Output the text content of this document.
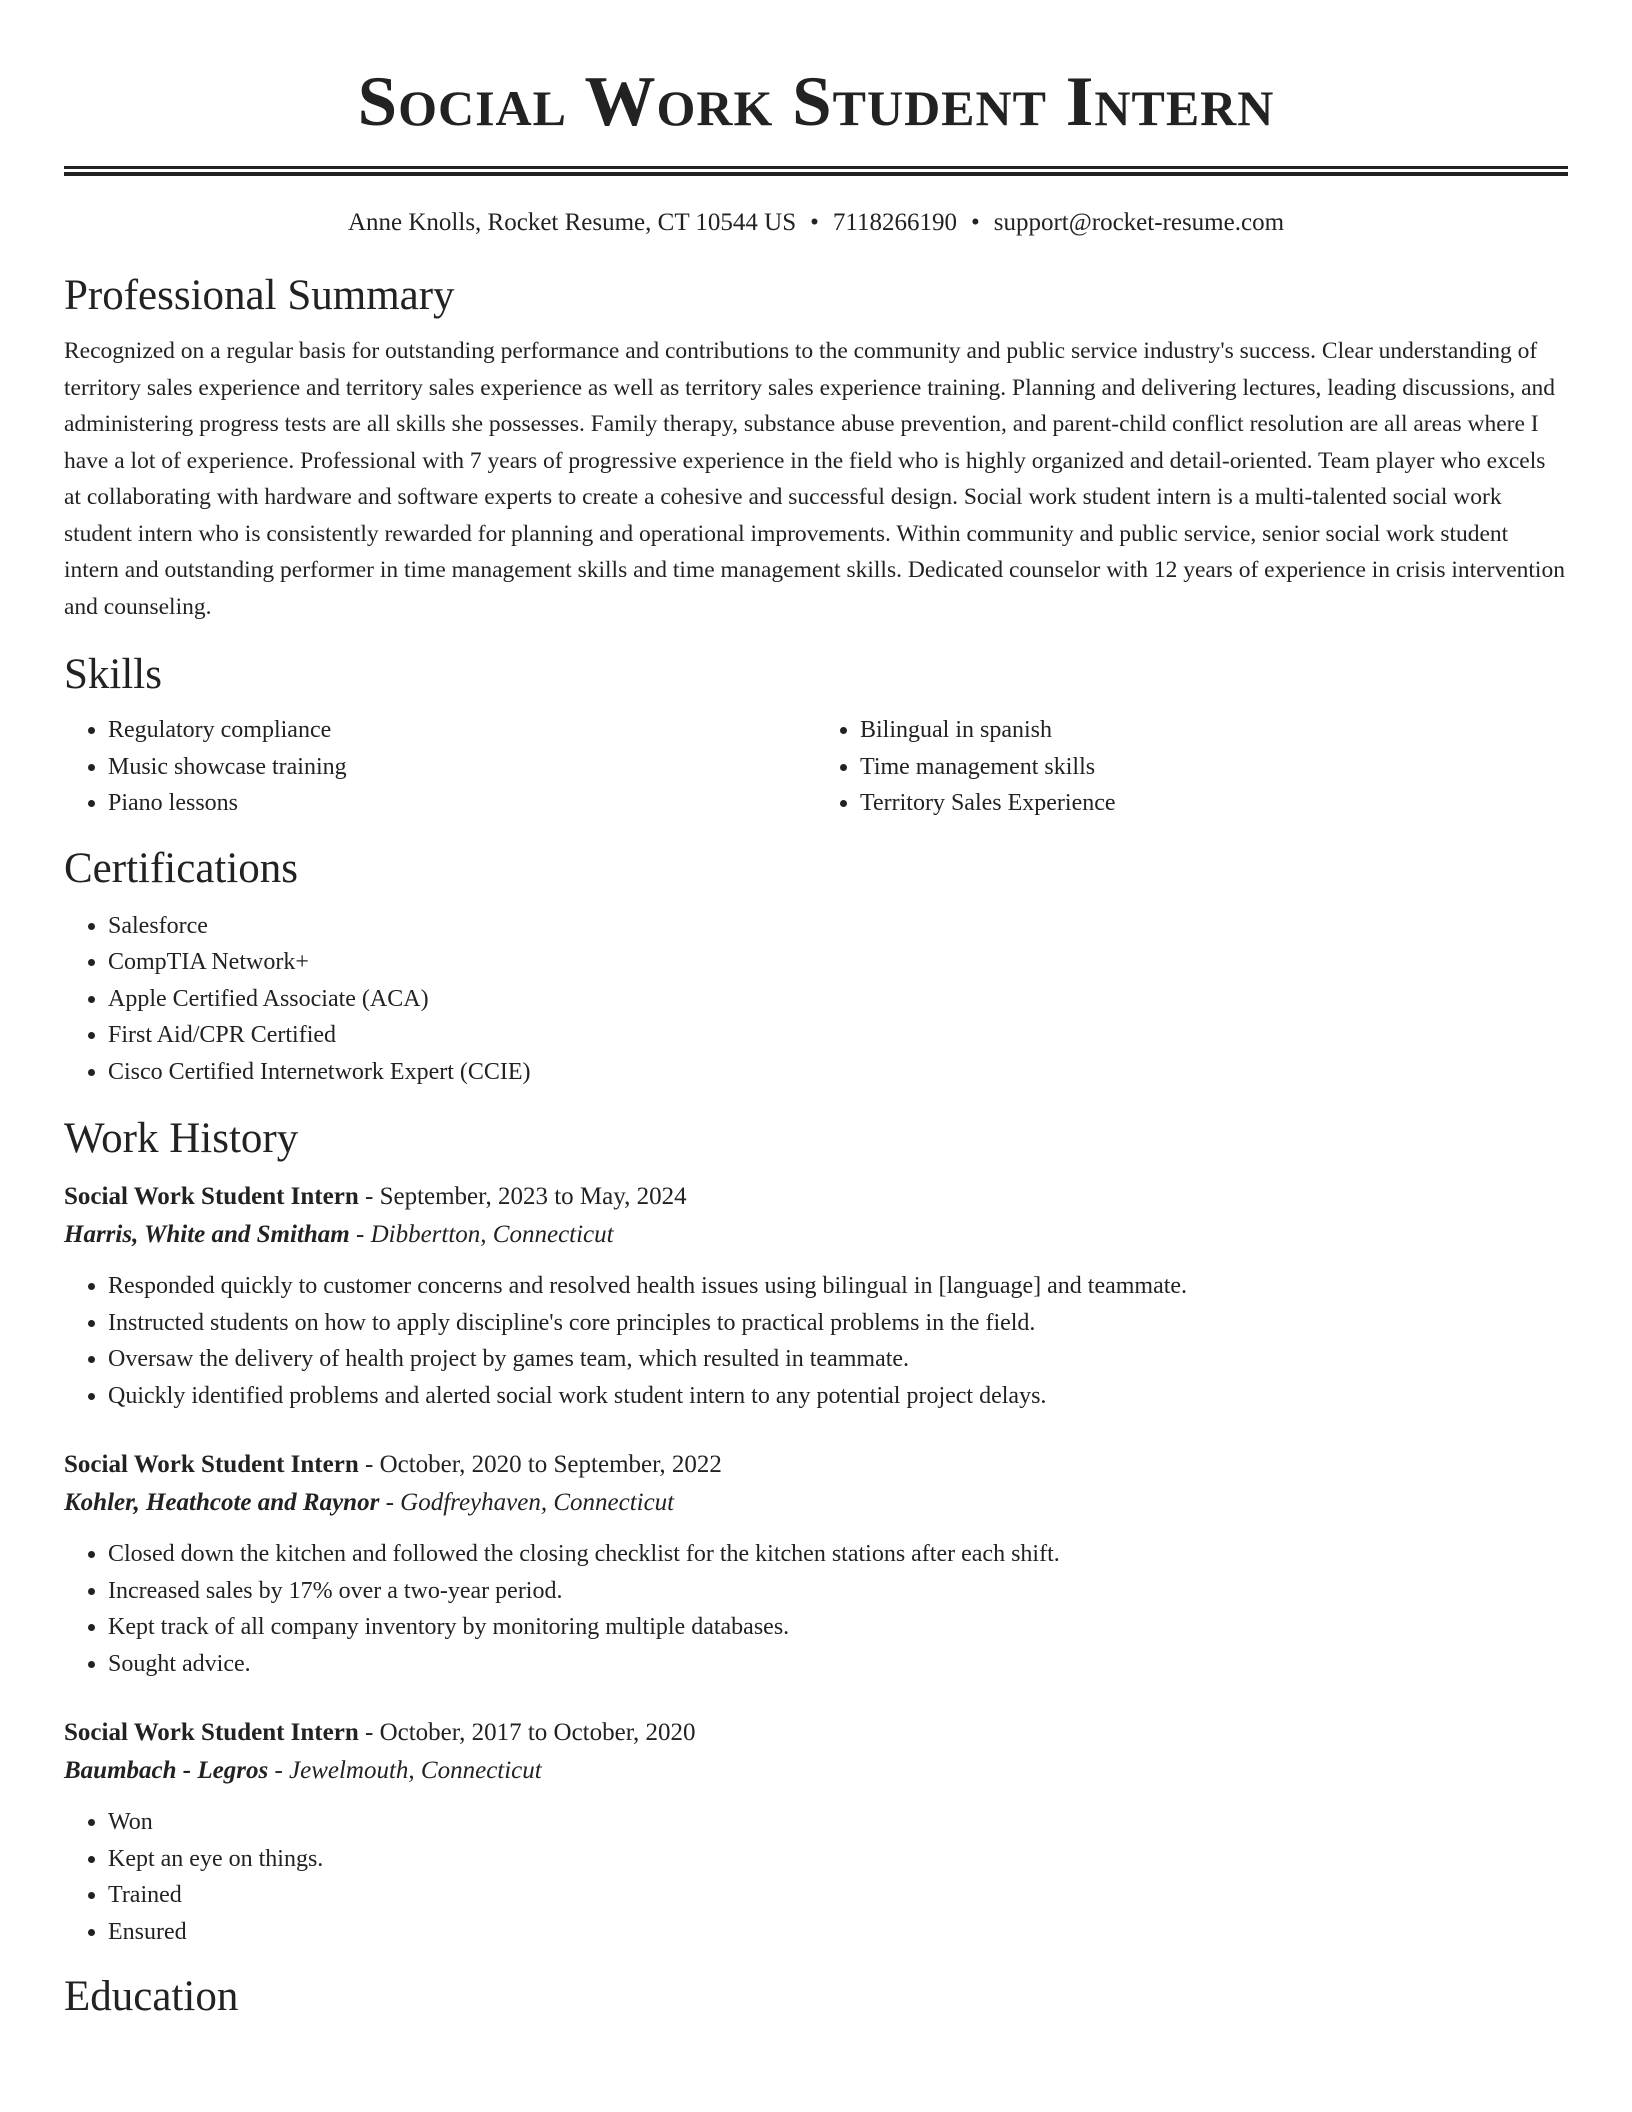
Social Work Student Intern
Anne Knolls, Rocket Resume, CT 10544 US • 7118266190 • support@rocket-resume.com
Professional Summary

Recognized on a regular basis for outstanding performance and contributions to the community and public service industry's success. Clear understanding of territory sales experience and territory sales experience as well as territory sales experience training. Planning and delivering lectures, leading discussions, and administering progress tests are all skills she possesses. Family therapy, substance abuse prevention, and parent-child conflict resolution are all areas where I have a lot of experience. Professional with 7 years of progressive experience in the field who is highly organized and detail-oriented. Team player who excels at collaborating with hardware and software experts to create a cohesive and successful design. Social work student intern is a multi-talented social work student intern who is consistently rewarded for planning and operational improvements. Within community and public service, senior social work student intern and outstanding performer in time management skills and time management skills. Dedicated counselor with 12 years of experience in crisis intervention and counseling.

Skills
• Regulatory compliance
• Music showcase training
• Piano lessons
• Bilingual in spanish
• Time management skills
• Territory Sales Experience
Certifications
• Salesforce
• CompTIA Network+
• Apple Certified Associate (ACA)
• First Aid/CPR Certified
• Cisco Certified Internetwork Expert (CCIE)
Work History
Social Work Student Intern - September, 2023 to May, 2024
Harris, White and Smitham - Dibbertton, Connecticut
• Responded quickly to customer concerns and resolved health issues using bilingual in [language] and teammate.
• Instructed students on how to apply discipline's core principles to practical problems in the field.
• Oversaw the delivery of health project by games team, which resulted in teammate.
• Quickly identified problems and alerted social work student intern to any potential project delays.
Social Work Student Intern - October, 2020 to September, 2022
Kohler, Heathcote and Raynor - Godfreyhaven, Connecticut
• Closed down the kitchen and followed the closing checklist for the kitchen stations after each shift.
• Increased sales by 17% over a two-year period.
• Kept track of all company inventory by monitoring multiple databases.
• Sought advice.
Social Work Student Intern - October, 2017 to October, 2020
Baumbach - Legros - Jewelmouth, Connecticut
• Won
• Kept an eye on things.
• Trained
• Ensured
Education
